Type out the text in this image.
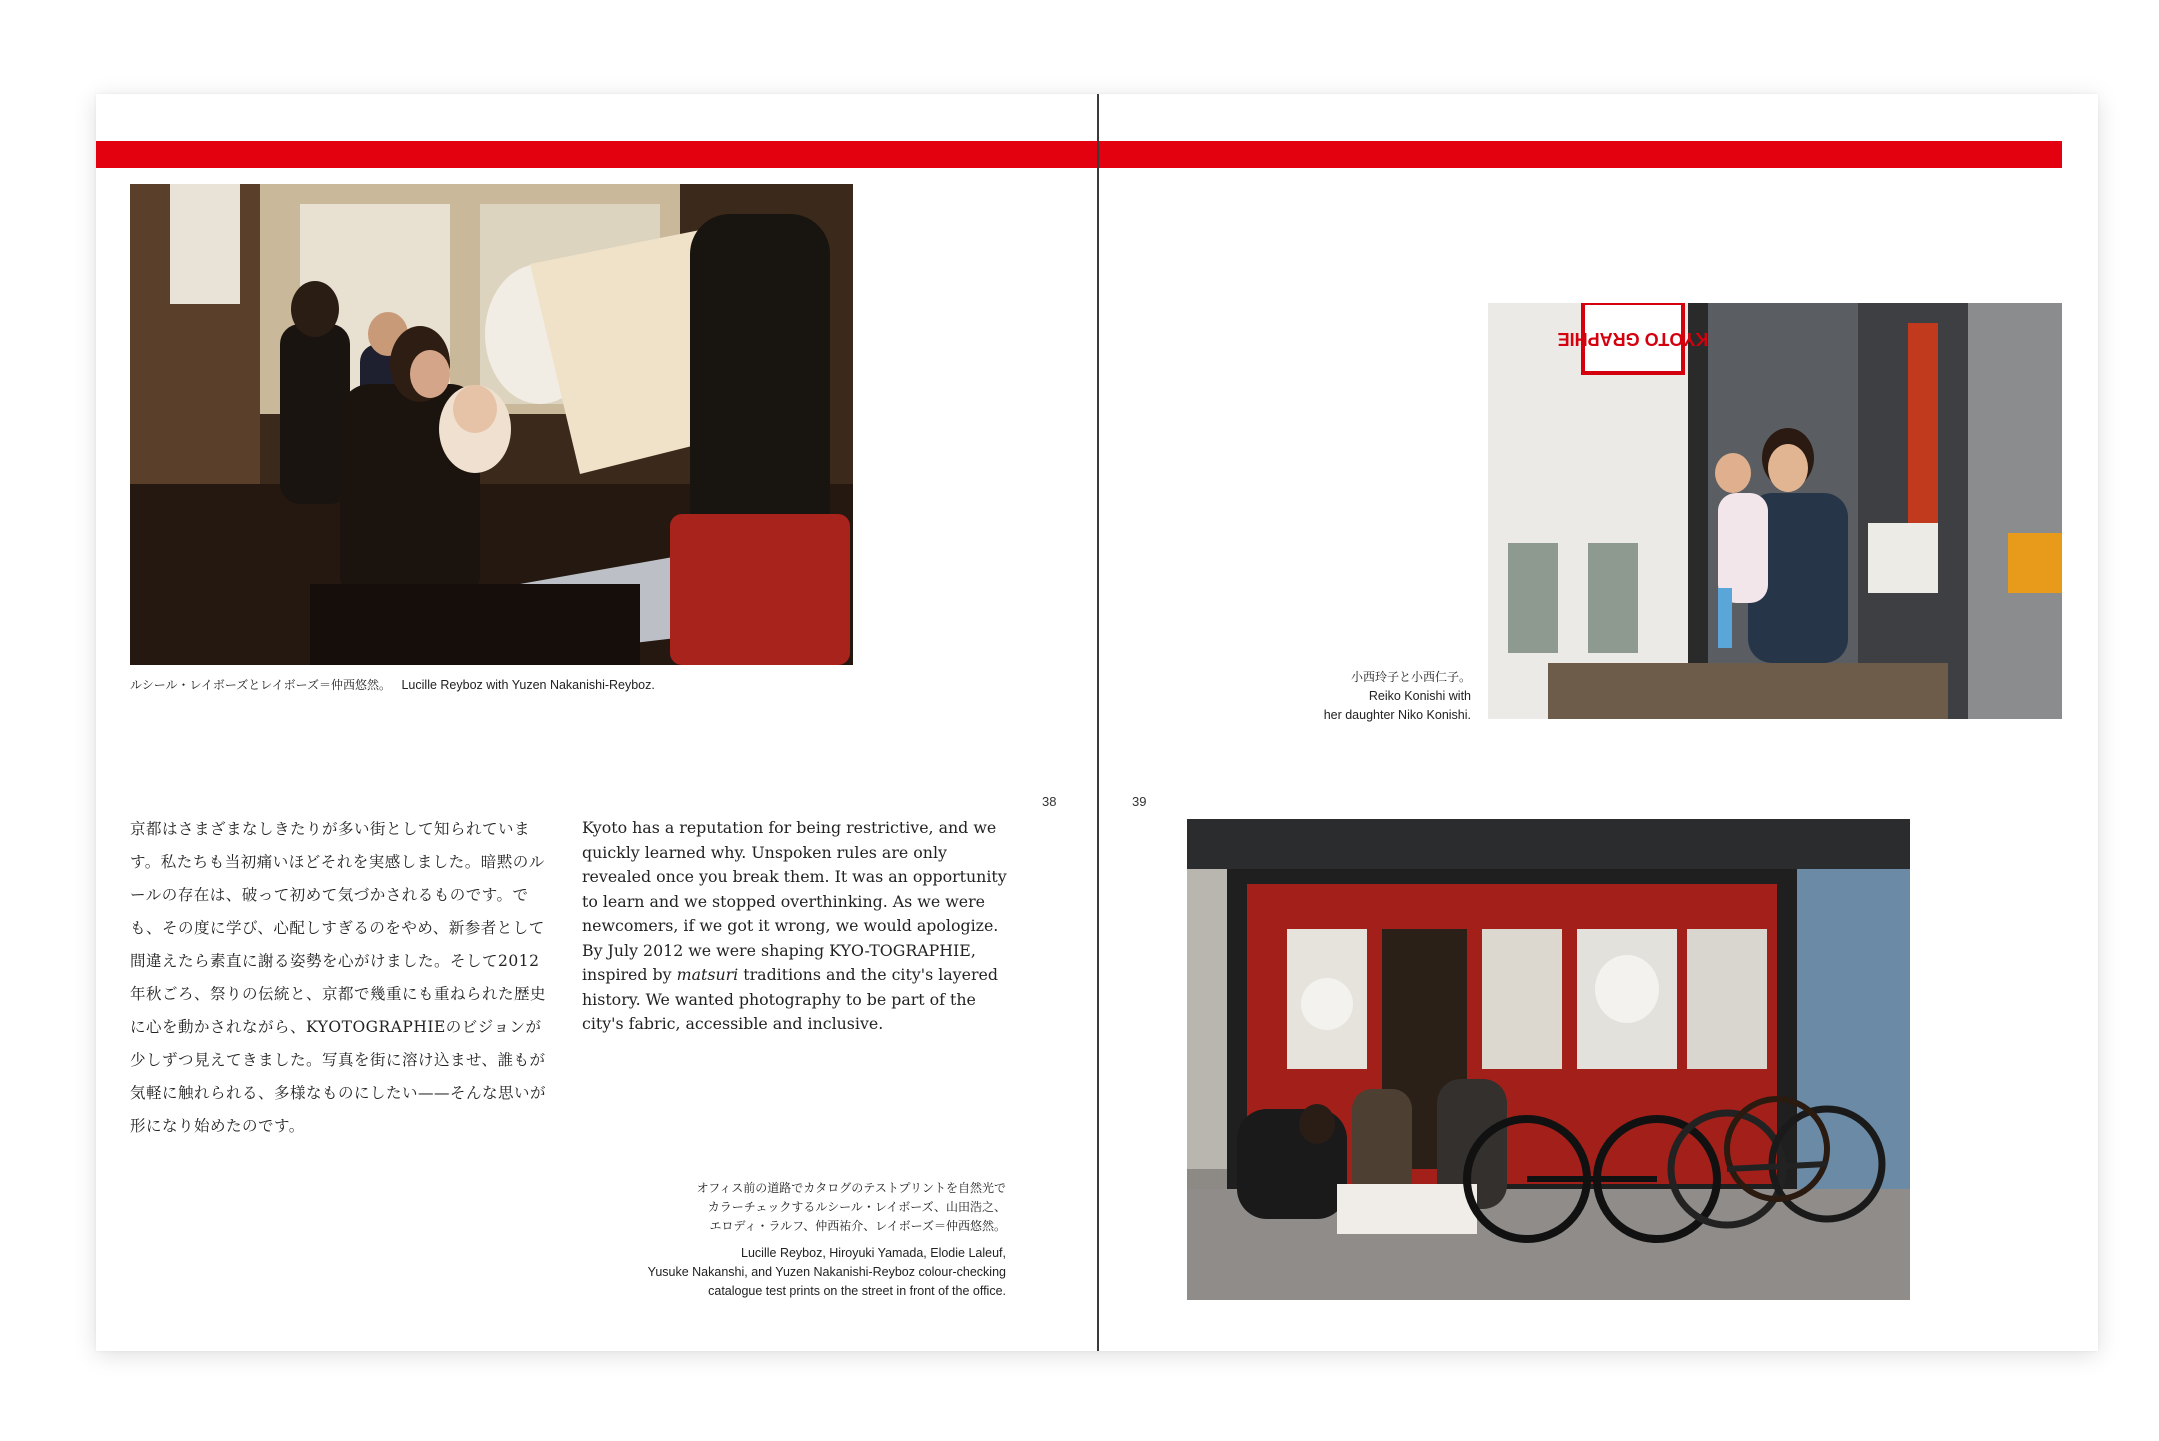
ルシール・レイボーズとレイボーズ＝仲西悠然。 Lucille Reyboz with Yuzen Nakanishi-Reyboz.
38
京都はさまざまなしきたりが多い街として知られています。私たちも当初痛いほどそれを実感しました。暗黙のルールの存在は、破って初めて気づかされるものです。でも、その度に学び、心配しすぎるのをやめ、新参者として間違えたら素直に謝る姿勢を心がけました。そして2012年秋ごろ、祭りの伝統と、京都で幾重にも重ねられた歴史に心を動かされながら、KYOTOGRAPHIEのビジョンが少しずつ見えてきました。写真を街に溶け込ませ、誰もが気軽に触れられる、多様なものにしたい——そんな思いが形になり始めたのです。
Kyoto has a reputation for being restrictive, and we quickly learned why. Unspoken rules are only revealed once you break them. It was an opportunity to learn and we stopped overthinking. As we were newcomers, if we got it wrong, we would apologize. By July 2012 we were shaping KYO-TOGRAPHIE, inspired by matsuri traditions and the city's layered history. We wanted photography to be part of the city's fabric, accessible and inclusive.
オフィス前の道路でカタログのテストプリントを自然光で
カラーチェックするルシール・レイボーズ、山田浩之、
エロディ・ラルフ、仲西祐介、レイボーズ＝仲西悠然。
Lucille Reyboz, Hiroyuki Yamada, Elodie Laleuf,
Yusuke Nakanshi, and Yuzen Nakanishi-Reyboz colour-checking
catalogue test prints on the street in front of the office.
KYOTO GRAPHIE
小西玲子と小西仁子。
Reiko Konishi with
her daughter Niko Konishi.
39
